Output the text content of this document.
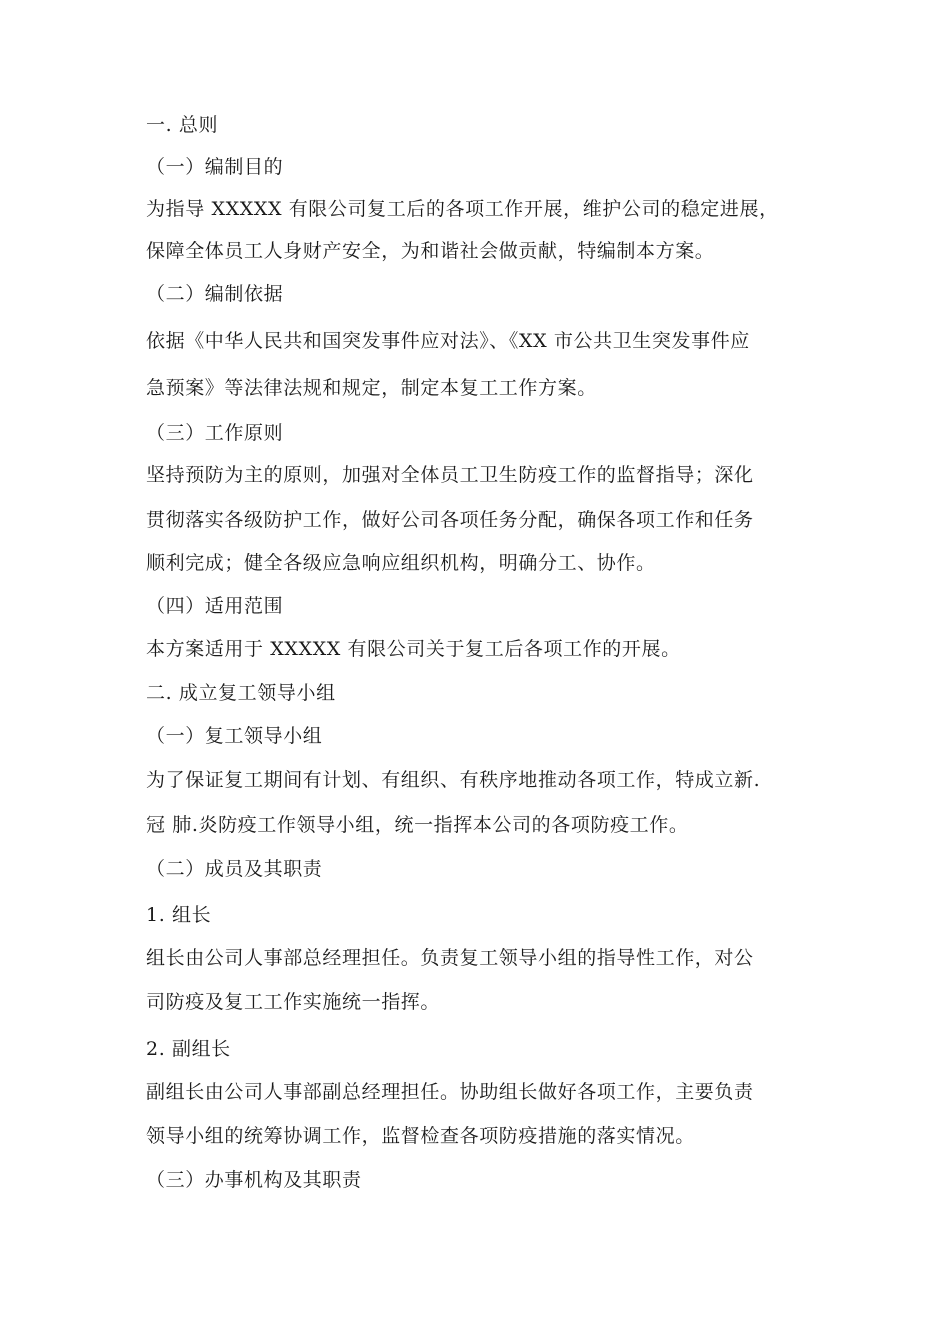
一. 总则
（一）编制目的
为指导 XXXXX 有限公司复工后的各项工作开展，维护公司的稳定进展，
保障全体员工人身财产安全，为和谐社会做贡献，特编制本方案。
（二）编制依据
依据《中华人民共和国突发事件应对法》、《XX 市公共卫生突发事件应
急预案》等法律法规和规定，制定本复工工作方案。
（三）工作原则
坚持预防为主的原则，加强对全体员工卫生防疫工作的监督指导；深化
贯彻落实各级防护工作，做好公司各项任务分配，确保各项工作和任务
顺利完成；健全各级应急响应组织机构，明确分工、协作。
（四）适用范围
本方案适用于 XXXXX 有限公司关于复工后各项工作的开展。
二. 成立复工领导小组
（一）复工领导小组
为了保证复工期间有计划、有组织、有秩序地推动各项工作，特成立新.
冠 肺.炎防疫工作领导小组，统一指挥本公司的各项防疫工作。
（二）成员及其职责
1. 组长
组长由公司人事部总经理担任。负责复工领导小组的指导性工作，对公
司防疫及复工工作实施统一指挥。
2. 副组长
副组长由公司人事部副总经理担任。协助组长做好各项工作，主要负责
领导小组的统筹协调工作，监督检查各项防疫措施的落实情况。
（三）办事机构及其职责
